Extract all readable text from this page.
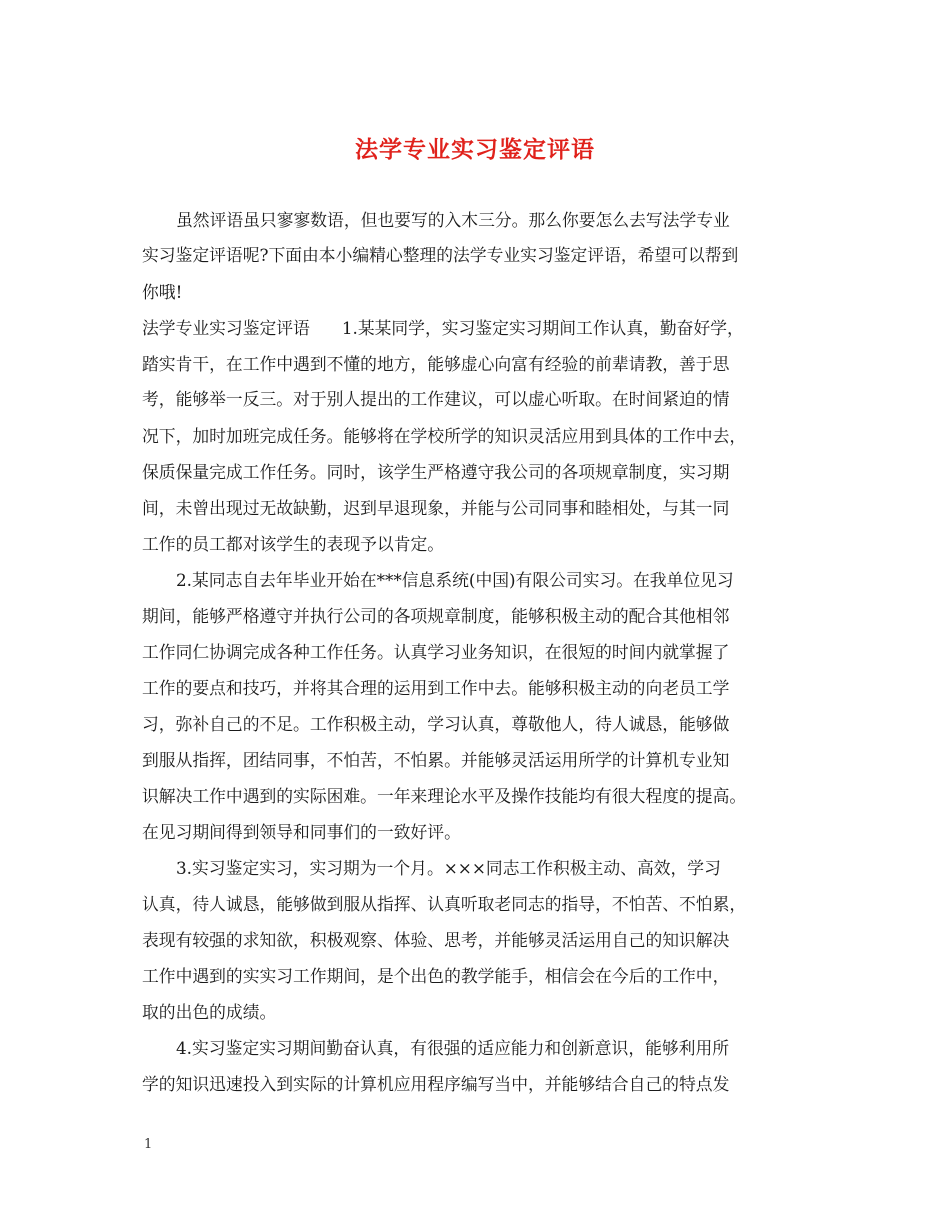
法学专业实习鉴定评语
虽然评语虽只寥寥数语，但也要写的入木三分。那么你要怎么去写法学专业
实习鉴定评语呢?下面由本小编精心整理的法学专业实习鉴定评语，希望可以帮到
你哦!
法学专业实习鉴定评语 1.某某同学，实习鉴定实习期间工作认真，勤奋好学，
踏实肯干，在工作中遇到不懂的地方，能够虚心向富有经验的前辈请教，善于思
考，能够举一反三。对于别人提出的工作建议，可以虚心听取。在时间紧迫的情
况下，加时加班完成任务。能够将在学校所学的知识灵活应用到具体的工作中去，
保质保量完成工作任务。同时，该学生严格遵守我公司的各项规章制度，实习期
间，未曾出现过无故缺勤，迟到早退现象，并能与公司同事和睦相处，与其一同
工作的员工都对该学生的表现予以肯定。
2.某同志自去年毕业开始在***信息系统(中国)有限公司实习。在我单位见习
期间，能够严格遵守并执行公司的各项规章制度，能够积极主动的配合其他相邻
工作同仁协调完成各种工作任务。认真学习业务知识，在很短的时间内就掌握了
工作的要点和技巧，并将其合理的运用到工作中去。能够积极主动的向老员工学
习，弥补自己的不足。工作积极主动，学习认真，尊敬他人，待人诚恳，能够做
到服从指挥，团结同事，不怕苦，不怕累。并能够灵活运用所学的计算机专业知
识解决工作中遇到的实际困难。一年来理论水平及操作技能均有很大程度的提高。
在见习期间得到领导和同事们的一致好评。
3.实习鉴定实习，实习期为一个月。×××同志工作积极主动、高效，学习
认真，待人诚恳，能够做到服从指挥、认真听取老同志的指导，不怕苦、不怕累，
表现有较强的求知欲，积极观察、体验、思考，并能够灵活运用自己的知识解决
工作中遇到的实实习工作期间，是个出色的教学能手，相信会在今后的工作中，
取的出色的成绩。
4.实习鉴定实习期间勤奋认真，有很强的适应能力和创新意识，能够利用所
学的知识迅速投入到实际的计算机应用程序编写当中，并能够结合自己的特点发
1
